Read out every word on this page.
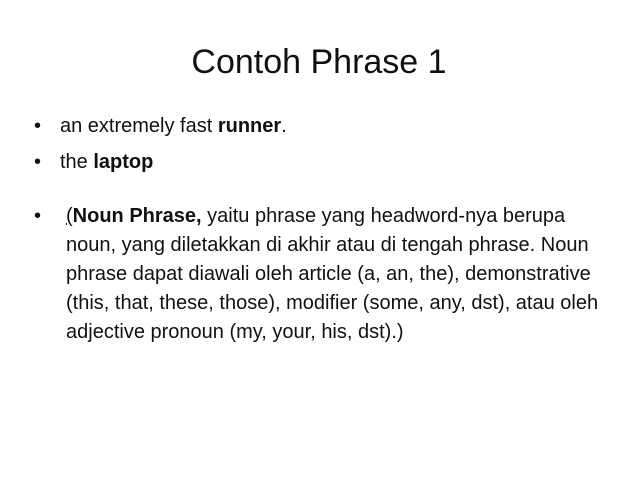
Contoh Phrase 1
• an extremely fast runner.
• the laptop
• (Noun Phrase, yaitu phrase yang headword-nya berupa noun, yang diletakkan di akhir atau di tengah phrase. Noun phrase dapat diawali oleh article (a, an, the), demonstrative (this, that, these, those), modifier (some, any, dst), atau oleh adjective pronoun (my, your, his, dst).)
